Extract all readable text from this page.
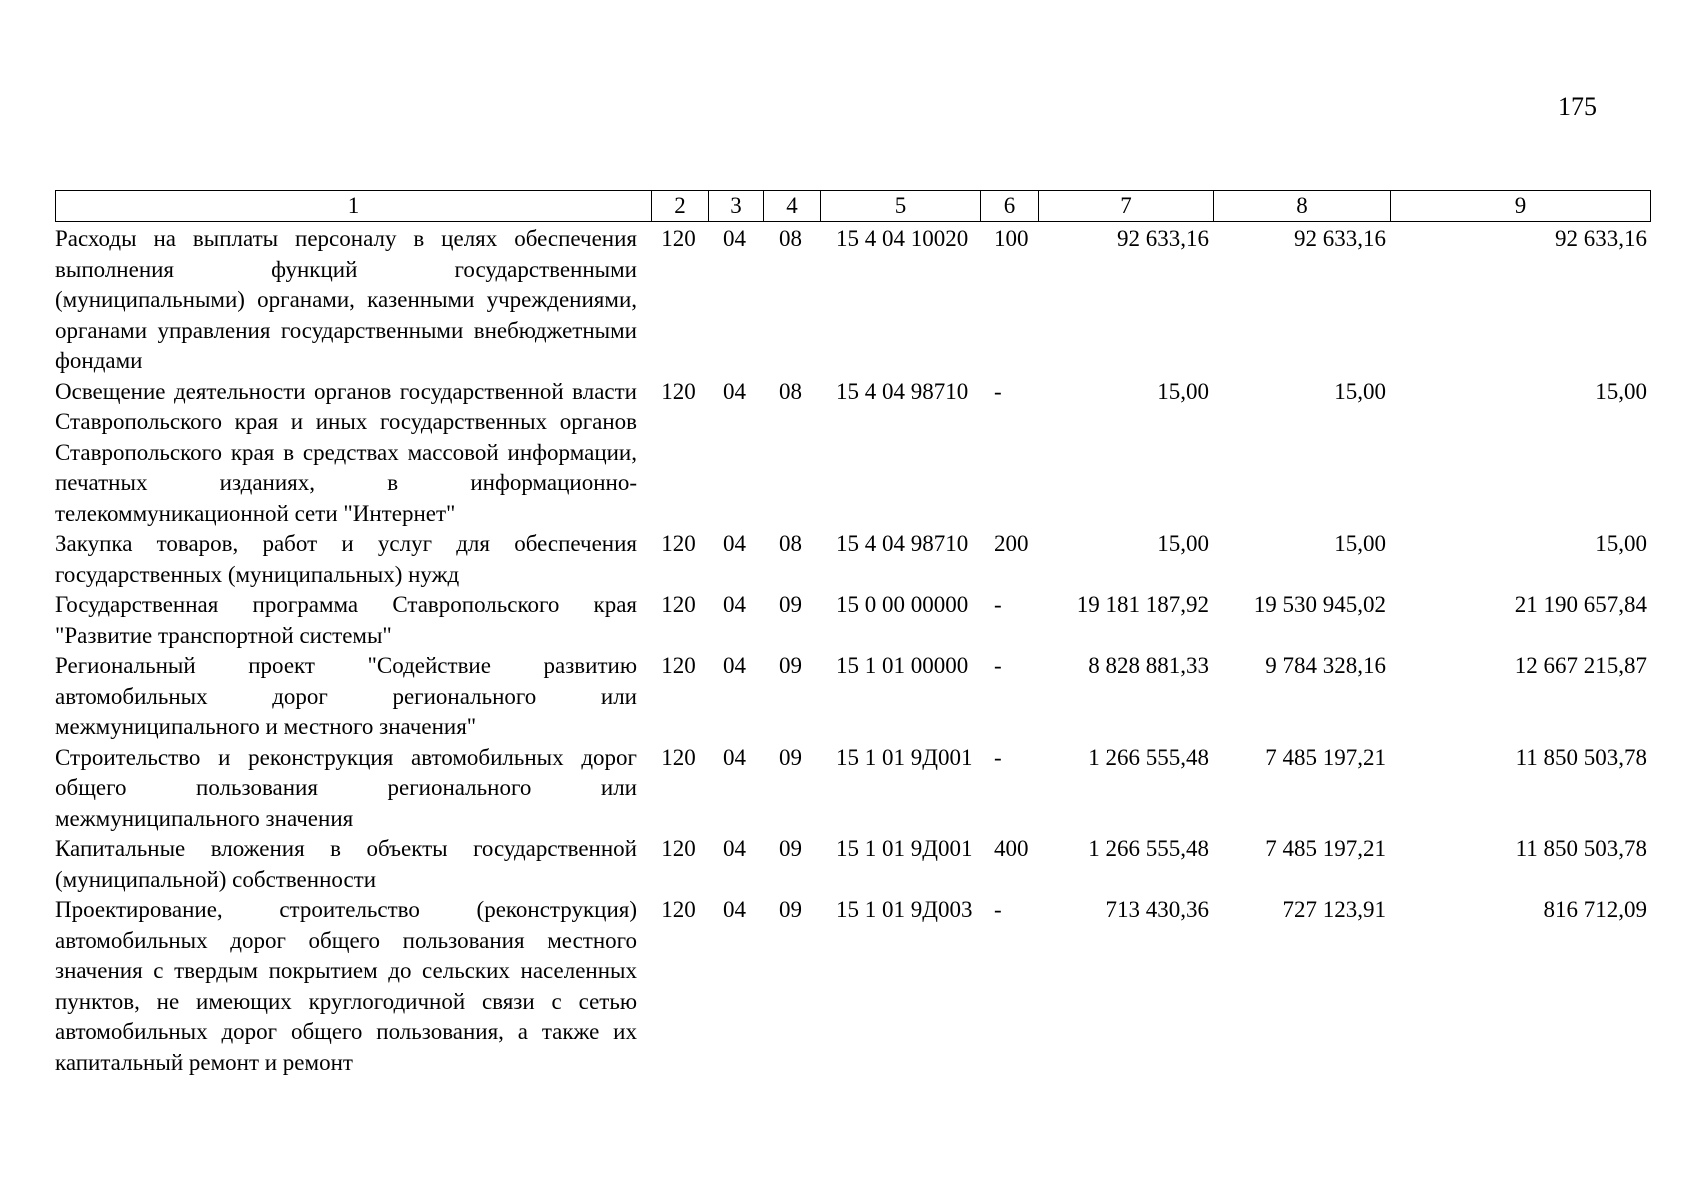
175
1	2	3	4	5	6	7	8	9
Расходы на выплаты персоналу в целях обеспечения выполнения функций государственными (муниципальными) органами, казенными учреждениями, органами управления государственными внебюджетными фондами	120	04	08	15 4 04 10020	100	92 633,16	92 633,16	92 633,16
Освещение деятельности органов государственной власти Ставропольского края и иных государственных органов Ставропольского края в средствах массовой информации, печатных изданиях, в информационно-телекоммуникационной сети "Интернет"	120	04	08	15 4 04 98710	-	15,00	15,00	15,00
Закупка товаров, работ и услуг для обеспечения государственных (муниципальных) нужд	120	04	08	15 4 04 98710	200	15,00	15,00	15,00
Государственная программа Ставропольского края "Развитие транспортной системы"	120	04	09	15 0 00 00000	-	19 181 187,92	19 530 945,02	21 190 657,84
Региональный проект "Содействие развитию автомобильных дорог регионального или межмуниципального и местного значения"	120	04	09	15 1 01 00000	-	8 828 881,33	9 784 328,16	12 667 215,87
Строительство и реконструкция автомобильных дорог общего пользования регионального или межмуниципального значения	120	04	09	15 1 01 9Д001	-	1 266 555,48	7 485 197,21	11 850 503,78
Капитальные вложения в объекты государственной (муниципальной) собственности	120	04	09	15 1 01 9Д001	400	1 266 555,48	7 485 197,21	11 850 503,78
Проектирование, строительство (реконструкция) автомобильных дорог общего пользования местного значения с твердым покрытием до сельских населенных пунктов, не имеющих круглогодичной связи с сетью автомобильных дорог общего пользования, а также их капитальный ремонт и ремонт	120	04	09	15 1 01 9Д003	-	713 430,36	727 123,91	816 712,09
